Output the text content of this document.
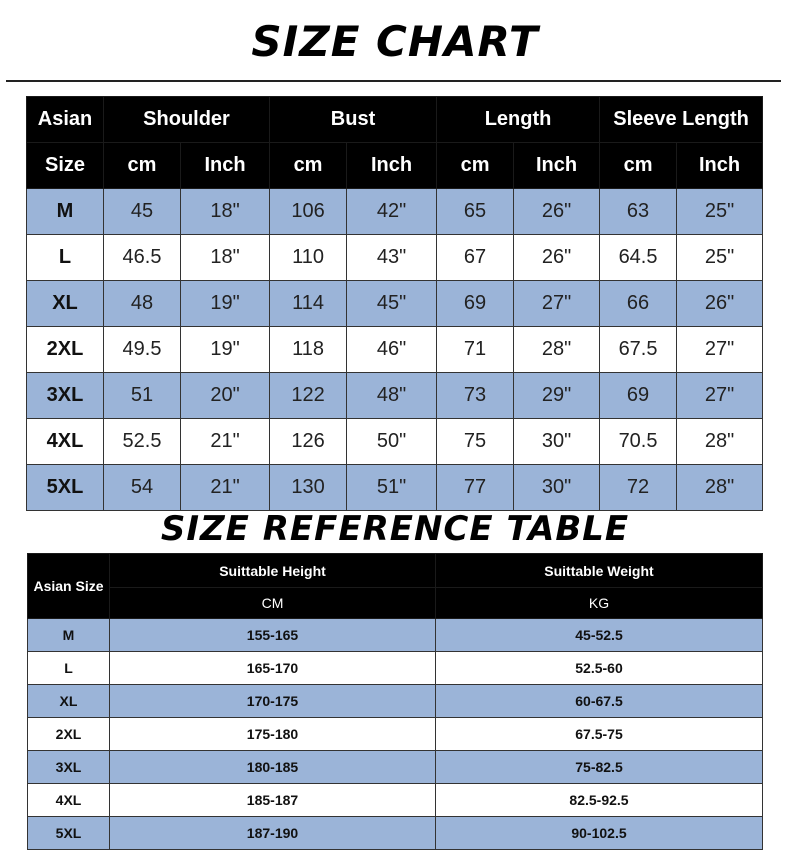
SIZE CHART
Asian	Shoulder		Bust		Length		Sleeve Length	
Size	cm	Inch	cm	Inch	cm	Inch	cm	Inch
M	45	18"	106	42"	65	26"	63	25"
L	46.5	18"	110	43"	67	26"	64.5	25"
XL	48	19"	114	45"	69	27"	66	26"
2XL	49.5	19"	118	46"	71	28"	67.5	27"
3XL	51	20"	122	48"	73	29"	69	27"
4XL	52.5	21"	126	50"	75	30"	70.5	28"
5XL	54	21"	130	51"	77	30"	72	28"
SIZE REFERENCE TABLE
Asian Size	Suittable Height	Suittable Weight
	CM	KG
M	155-165	45-52.5
L	165-170	52.5-60
XL	170-175	60-67.5
2XL	175-180	67.5-75
3XL	180-185	75-82.5
4XL	185-187	82.5-92.5
5XL	187-190	90-102.5
